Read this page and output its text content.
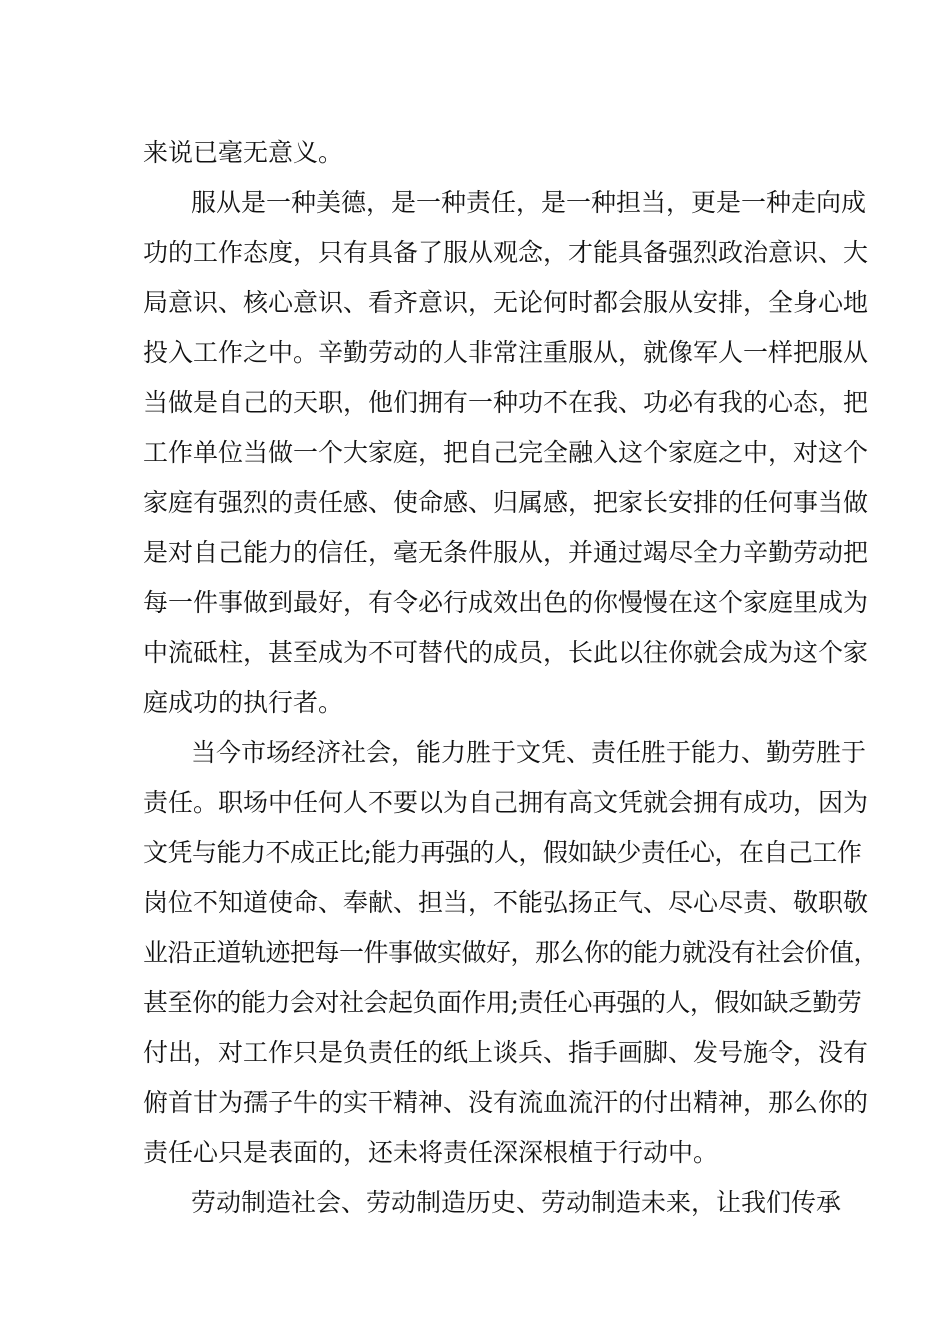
来说已毫无意义。
服从是一种美德，是一种责任，是一种担当，更是一种走向成
功的工作态度，只有具备了服从观念，才能具备强烈政治意识、大
局意识、核心意识、看齐意识，无论何时都会服从安排，全身心地
投入工作之中。辛勤劳动的人非常注重服从，就像军人一样把服从
当做是自己的天职，他们拥有一种功不在我、功必有我的心态，把
工作单位当做一个大家庭，把自己完全融入这个家庭之中，对这个
家庭有强烈的责任感、使命感、归属感，把家长安排的任何事当做
是对自己能力的信任，毫无条件服从，并通过竭尽全力辛勤劳动把
每一件事做到最好，有令必行成效出色的你慢慢在这个家庭里成为
中流砥柱，甚至成为不可替代的成员，长此以往你就会成为这个家
庭成功的执行者。
当今市场经济社会，能力胜于文凭、责任胜于能力、勤劳胜于
责任。职场中任何人不要以为自己拥有高文凭就会拥有成功，因为
文凭与能力不成正比;能力再强的人，假如缺少责任心，在自己工作
岗位不知道使命、奉献、担当，不能弘扬正气、尽心尽责、敬职敬
业沿正道轨迹把每一件事做实做好，那么你的能力就没有社会价值，
甚至你的能力会对社会起负面作用;责任心再强的人，假如缺乏勤劳
付出，对工作只是负责任的纸上谈兵、指手画脚、发号施令，没有
俯首甘为孺子牛的实干精神、没有流血流汗的付出精神，那么你的
责任心只是表面的，还未将责任深深根植于行动中。
劳动制造社会、劳动制造历史、劳动制造未来，让我们传承
